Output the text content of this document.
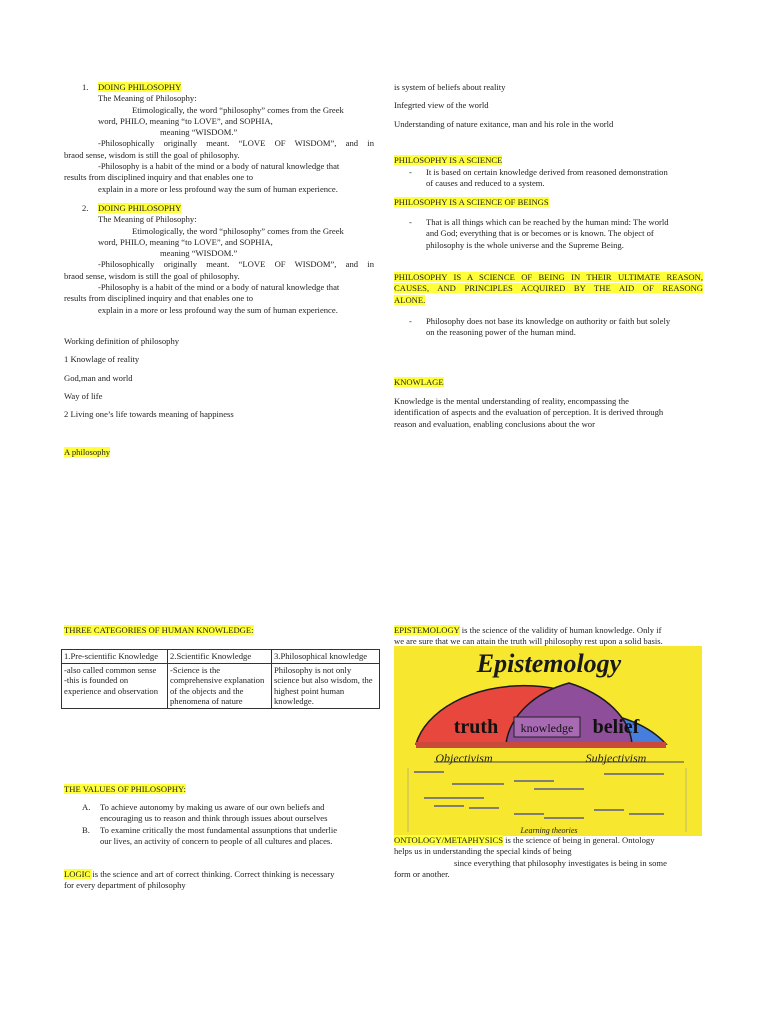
1. DOING PHILOSOPHY

The Meaning of Philosophy:

Etimologically, the word “philosophy” comes from the Greek

word, PHILO, meaning “to LOVE”, and SOPHIA,

meaning “WISDOM.”

-Philosophically originally meant. “LOVE OF WISDOM”, and in

braod sense, wisdom is still the goal of philosophy.

-Philosophy is a habit of the mind or a body of natural knowledge that

results from disciplined inquiry and that enables one to

explain in a more or less profound way the sum of human experience.

2. DOING PHILOSOPHY

The Meaning of Philosophy:

Etimologically, the word “philosophy” comes from the Greek

word, PHILO, meaning “to LOVE”, and SOPHIA,

meaning “WISDOM.”

-Philosophically originally meant. “LOVE OF WISDOM”, and in

braod sense, wisdom is still the goal of philosophy.

-Philosophy is a habit of the mind or a body of natural knowledge that

results from disciplined inquiry and that enables one to

explain in a more or less profound way the sum of human experience.

Working definition of philosophy

1 Knowlage of reality

God,man and world

Way of life

2 Living one’s life towards meaning of happiness

A philosophy

THREE CATEGORIES OF HUMAN KNOWLEDGE:

1.Pre-scientific Knowledge	2.Scientific Knowledge	3.Philosophical knowledge
-also called common sense
-this is founded on experience and observation	-Science is the comprehensive explanation of the objects and the phenomena of nature	Philosophy is not only science but also wisdom, the highest point human knowledge.

THE VALUES OF PHILOSOPHY:

A. To achieve autonomy by making us aware of our own beliefs and

encouraging us to reason and think through issues about ourselves

B. To examine critically the most fundamental assunptions that underlie

our lives, an activity of concern to people of all cultures and places.

LOGIC is the science and art of correct thinking. Correct thinking is necessary

for every department of philosophy

is system of beliefs about reality

Infegrted view of the world

Understanding of nature exitance, man and his role in the world

PHILOSOPHY IS A SCIENCE

- It is based on certain knowledge derived from reasoned demonstration

of causes and reduced to a system.

PHILOSOPHY IS A SCIENCE OF BEINGS

- That is all things which can be reached by the human mind: The world

and God; everything that is or becomes or is known. The object of

philosophy is the whole universe and the Supreme Being.

PHILOSOPHY IS A SCIENCE OF BEING IN THEIR ULTIMATE REASON,

CAUSES, AND PRINCIPLES ACQUIRED BY THE AID OF REASONG

ALONE.

- Philosophy does not base its knowledge on authority or faith but solely

on the reasoning power of the human mind.

KNOWLAGE

Knowledge is the mental understanding of reality, encompassing the

identification of aspects and the evaluation of perception. It is derived through

reason and evaluation, enabling conclusions about the wor

EPISTEMOLOGY is the science of the validity of human knowledge. Only if

we are sure that we can attain the truth will philosophy rest upon a solid basis.

Epistemology
truth knowledge belief
Objectivism	Subjectivism
Learning theories

ONTOLOGY/METAPHYSICS is the science of being in general. Ontology

helps us in understanding the special kinds of being

since everything that philosophy investigates is being in some

form or another.
